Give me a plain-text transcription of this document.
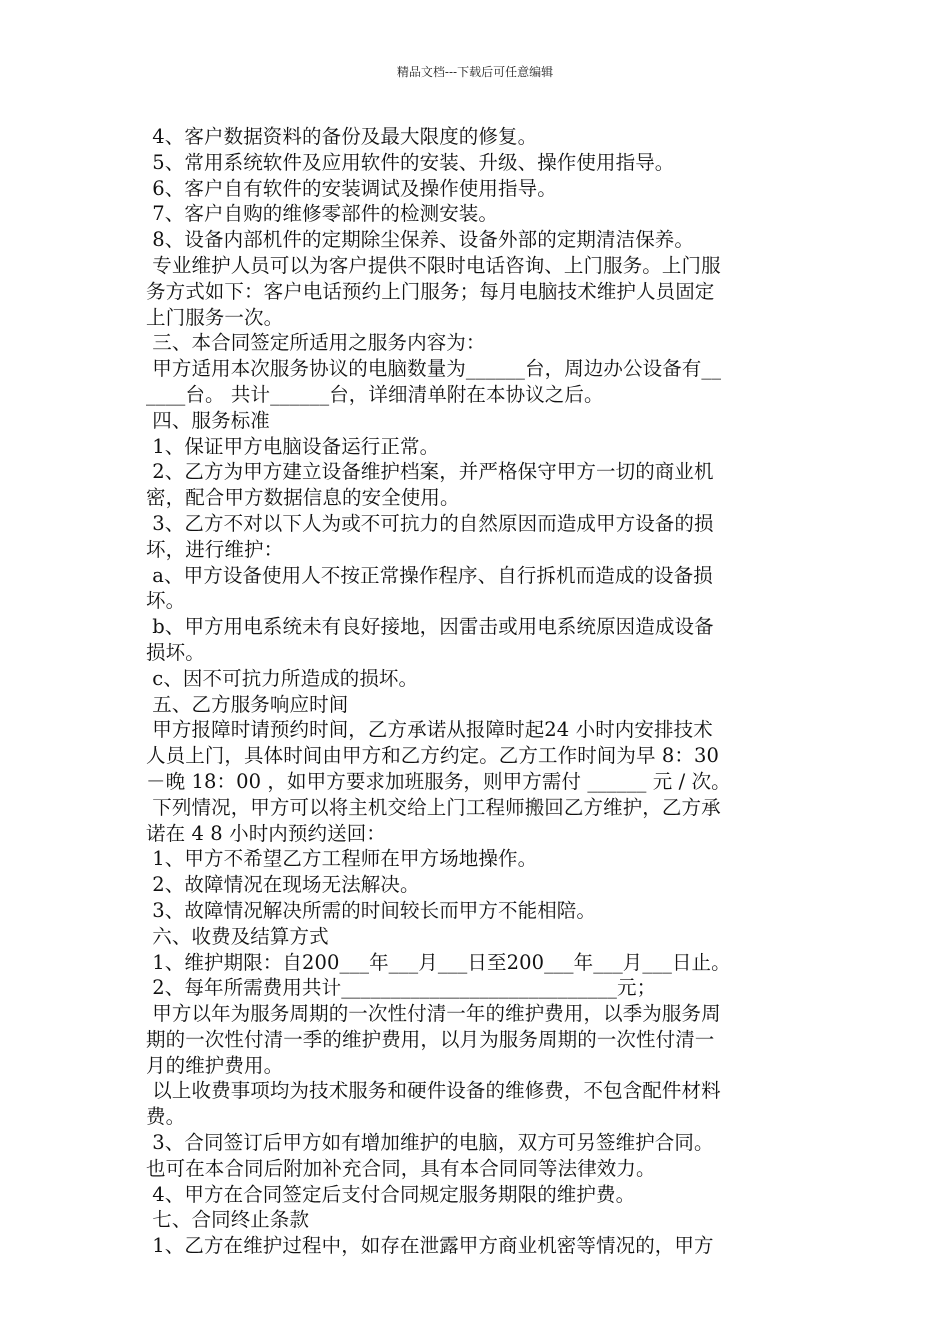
精品文档---下载后可任意编辑
4、客户数据资料的备份及最大限度的修复。
5、常用系统软件及应用软件的安装、升级、操作使用指导。
6、客户自有软件的安装调试及操作使用指导。
7、客户自购的维修零部件的检测安装。
8、设备内部机件的定期除尘保养、设备外部的定期清洁保养。
专业维护人员可以为客户提供不限时电话咨询、上门服务。上门服
务方式如下：客户电话预约上门服务；每月电脑技术维护人员固定
上门服务一次。
三、本合同签定所适用之服务内容为：
甲方适用本次服务协议的电脑数量为______台，周边办公设备有__
____台。 共计______台，详细清单附在本协议之后。
四、服务标准
1、保证甲方电脑设备运行正常。
2、乙方为甲方建立设备维护档案，并严格保守甲方一切的商业机
密，配合甲方数据信息的安全使用。
3、乙方不对以下人为或不可抗力的自然原因而造成甲方设备的损
坏，进行维护：
a、甲方设备使用人不按正常操作程序、自行拆机而造成的设备损
坏。
b、甲方用电系统未有良好接地，因雷击或用电系统原因造成设备
损坏。
c、因不可抗力所造成的损坏。
五、乙方服务响应时间
甲方报障时请预约时间，乙方承诺从报障时起24 小时内安排技术
人员上门，具体时间由甲方和乙方约定。乙方工作时间为早 8：30
－晚 18：00 ，如甲方要求加班服务，则甲方需付 ______ 元 / 次。
下列情况，甲方可以将主机交给上门工程师搬回乙方维护，乙方承
诺在 4 8 小时内预约送回：
1、甲方不希望乙方工程师在甲方场地操作。
2、故障情况在现场无法解决。
3、故障情况解决所需的时间较长而甲方不能相陪。
六、收费及结算方式
1、维护期限：自200___年___月___日至200___年___月___日止。
2、每年所需费用共计____________________________元；
甲方以年为服务周期的一次性付清一年的维护费用，以季为服务周
期的一次性付清一季的维护费用，以月为服务周期的一次性付清一
月的维护费用。
以上收费事项均为技术服务和硬件设备的维修费，不包含配件材料
费。
3、合同签订后甲方如有增加维护的电脑，双方可另签维护合同。
也可在本合同后附加补充合同，具有本合同同等法律效力。
4、甲方在合同签定后支付合同规定服务期限的维护费。
七、合同终止条款
1、乙方在维护过程中，如存在泄露甲方商业机密等情况的，甲方
